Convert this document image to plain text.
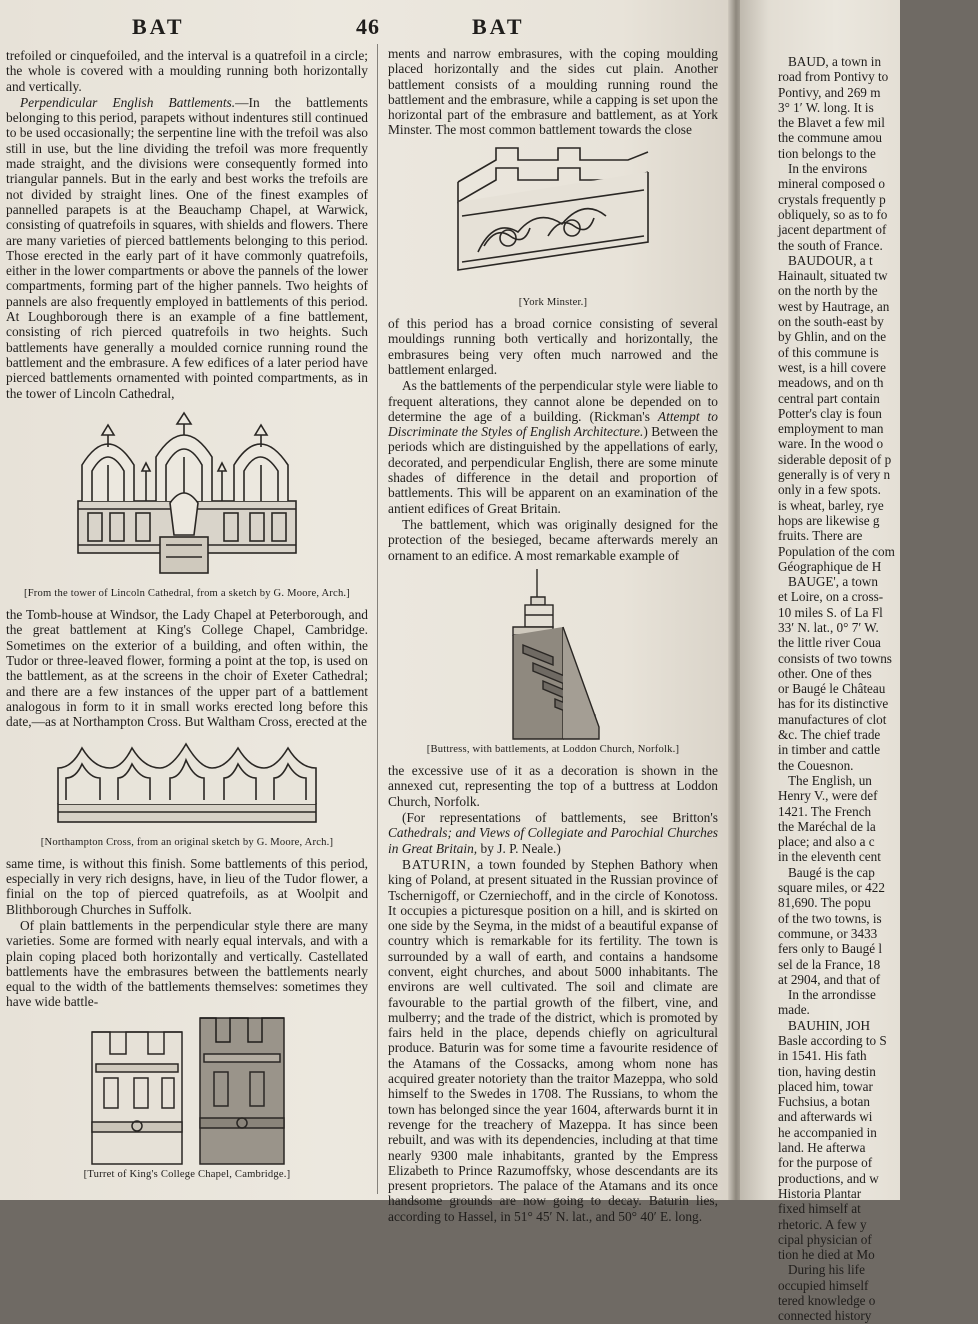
BAT	46	BAT

trefoiled or cinquefoiled, and the interval is a quatrefoil in a circle; the whole is covered with a moulding running both horizontally and vertically.

Perpendicular English Battlements.—In the battlements belonging to this period, parapets without indentures still continued to be used occasionally; the serpentine line with the trefoil was also still in use, but the line dividing the trefoil was more frequently made straight, and the divisions were consequently formed into triangular pannels. But in the early and best works the trefoils are not divided by straight lines. One of the finest examples of pannelled parapets is at the Beauchamp Chapel, at Warwick, consisting of quatrefoils in squares, with shields and flowers. There are many varieties of pierced battlements belonging to this period. Those erected in the early part of it have commonly quatrefoils, either in the lower compartments or above the pannels of the lower compartments, forming part of the higher pannels. Two heights of pannels are also frequently employed in battlements of this period. At Loughborough there is an example of a fine battlement, consisting of rich pierced quatrefoils in two heights. Such battlements have generally a moulded cornice running round the battlement and the embrasure. A few edifices of a later period have pierced battlements ornamented with pointed compartments, as in the tower of Lincoln Cathedral,

[From the tower of Lincoln Cathedral, from a sketch by G. Moore, Arch.]

the Tomb-house at Windsor, the Lady Chapel at Peterborough, and the great battlement at King's College Chapel, Cambridge. Sometimes on the exterior of a building, and often within, the Tudor or three-leaved flower, forming a point at the top, is used on the battlement, as at the screens in the choir of Exeter Cathedral; and there are a few instances of the upper part of a battlement analogous in form to it in small works erected long before this date,—as at Northampton Cross. But Waltham Cross, erected at the

[Northampton Cross, from an original sketch by G. Moore, Arch.]

same time, is without this finish. Some battlements of this period, especially in very rich designs, have, in lieu of the Tudor flower, a finial on the top of pierced quatrefoils, as at Woolpit and Blithborough Churches in Suffolk.

Of plain battlements in the perpendicular style there are many varieties. Some are formed with nearly equal intervals, and with a plain coping placed both horizontally and vertically. Castellated battlements have the embrasures between the battlements nearly equal to the width of the battlements themselves: sometimes they have wide battle-

[Turret of King's College Chapel, Cambridge.]

ments and narrow embrasures, with the coping moulding placed horizontally and the sides cut plain. Another battlement consists of a moulding running round the battlement and the embrasure, while a capping is set upon the horizontal part of the embrasure and battlement, as at York Minster. The most common battlement towards the close

[York Minster.]

of this period has a broad cornice consisting of several mouldings running both vertically and horizontally, the embrasures being very often much narrowed and the battlement enlarged.

As the battlements of the perpendicular style were liable to frequent alterations, they cannot alone be depended on to determine the age of a building. (Rickman's Attempt to Discriminate the Styles of English Architecture.) Between the periods which are distinguished by the appellations of early, decorated, and perpendicular English, there are some minute shades of difference in the detail and proportion of battlements. This will be apparent on an examination of the antient edifices of Great Britain.

The battlement, which was originally designed for the protection of the besieged, became afterwards merely an ornament to an edifice. A most remarkable example of

[Buttress, with battlements, at Loddon Church, Norfolk.]

the excessive use of it as a decoration is shown in the annexed cut, representing the top of a buttress at Loddon Church, Norfolk.

(For representations of battlements, see Britton's Cathedrals; and Views of Collegiate and Parochial Churches in Great Britain, by J. P. Neale.)

BATURIN, a town founded by Stephen Bathory when king of Poland, at present situated in the Russian province of Tschernigoff, or Czerniechoff, and in the circle of Konotoss. It occupies a picturesque position on a hill, and is skirted on one side by the Seyma, in the midst of a beautiful expanse of country which is remarkable for its fertility. The town is surrounded by a wall of earth, and contains a handsome convent, eight churches, and about 5000 inhabitants. The environs are well cultivated. The soil and climate are favourable to the partial growth of the filbert, vine, and mulberry; and the trade of the district, which is promoted by fairs held in the place, depends chiefly on agricultural produce. Baturin was for some time a favourite residence of the Atamans of the Cossacks, among whom none has acquired greater notoriety than the traitor Mazeppa, who sold himself to the Swedes in 1708. The Russians, to whom the town has belonged since the year 1604, afterwards burnt it in revenge for the treachery of Mazeppa. It has since been rebuilt, and was with its dependencies, including at that time nearly 9300 male inhabitants, granted by the Empress Elizabeth to Prince Razumoffsky, whose descendants are its present proprietors. The palace of the Atamans and its once handsome grounds are now going to decay. Baturin lies, according to Hassel, in 51° 45′ N. lat., and 50° 40′ E. long.

BAUD, a town in

road from Pontivy to

Pontivy, and 269 m

3° 1′ W. long. It is

the Blavet a few mil

the commune amou

tion belongs to the

In the environs

mineral composed o

crystals frequently p

obliquely, so as to fo

jacent department of

the south of France.

BAUDOUR, a t

Hainault, situated tw

on the north by the

west by Hautrage, an

on the south-east by

by Ghlin, and on the

of this commune is

west, is a hill covere

meadows, and on th

central part contain

Potter's clay is foun

employment to man

ware. In the wood o

siderable deposit of p

generally is of very n

only in a few spots.

is wheat, barley, rye

hops are likewise g

fruits. There are

Population of the com

Géographique de H

BAUGE', a town

et Loire, on a cross-

10 miles S. of La Fl

33′ N. lat., 0° 7′ W.

the little river Coua

consists of two towns

other. One of thes

or Baugé le Château

has for its distinctive

manufactures of clot

&c. The chief trade

in timber and cattle

the Couesnon.

The English, un

Henry V., were def

1421. The French

the Maréchal de la

place; and also a c

in the eleventh cent

Baugé is the cap

square miles, or 422

81,690. The popu

of the two towns, is

commune, or 3433

fers only to Baugé l

sel de la France, 18

at 2904, and that of

In the arrondisse

made.

BAUHIN, JOH

Basle according to S

in 1541. His fath

tion, having destin

placed him, towar

Fuchsius, a botan

and afterwards wi

he accompanied in

land. He afterwa

for the purpose of

productions, and w

Historia Plantar

fixed himself at

rhetoric. A few y

cipal physician of

tion he died at Mo

During his life

occupied himself

tered knowledge o

connected history
